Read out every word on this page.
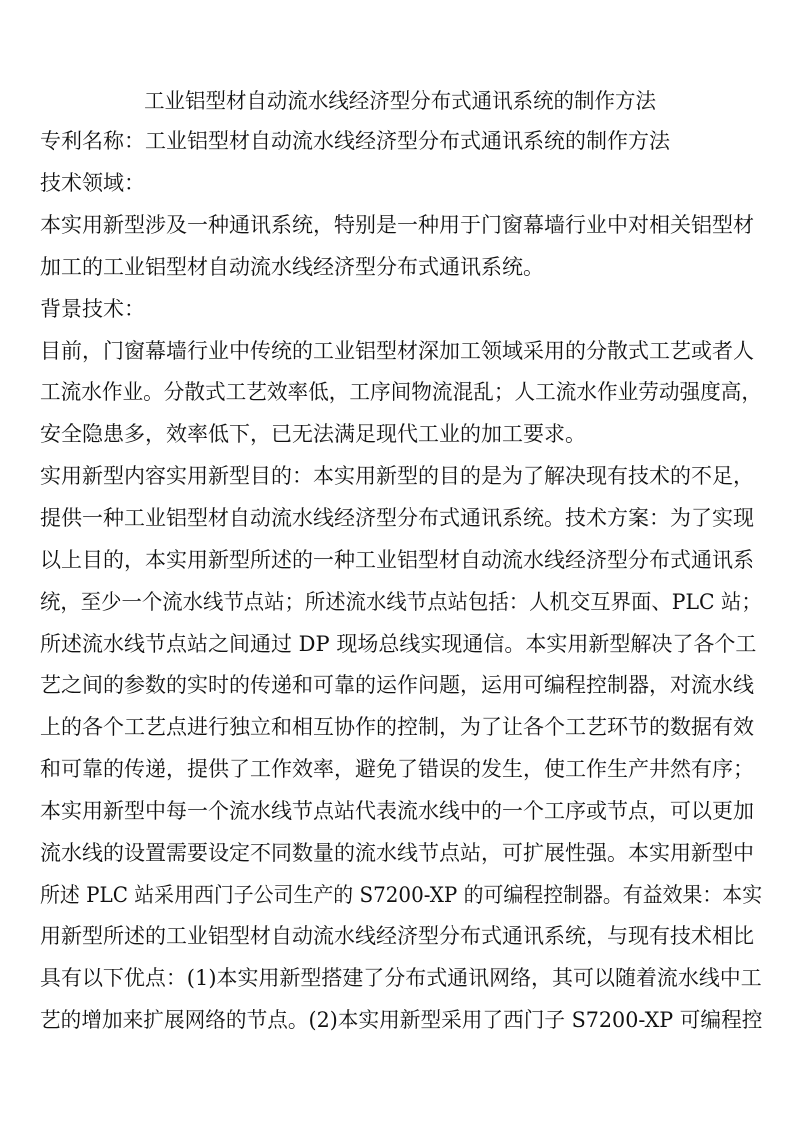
工业铝型材自动流水线经济型分布式通讯系统的制作方法
专利名称：工业铝型材自动流水线经济型分布式通讯系统的制作方法
技术领域：
本实用新型涉及一种通讯系统，特别是一种用于门窗幕墙行业中对相关铝型材
加工的工业铝型材自动流水线经济型分布式通讯系统。
背景技术：
目前，门窗幕墙行业中传统的工业铝型材深加工领域采用的分散式工艺或者人
工流水作业。分散式工艺效率低，工序间物流混乱；人工流水作业劳动强度高，
安全隐患多，效率低下，已无法满足现代工业的加工要求。
实用新型内容实用新型目的：本实用新型的目的是为了解决现有技术的不足，
提供一种工业铝型材自动流水线经济型分布式通讯系统。技术方案：为了实现
以上目的，本实用新型所述的一种工业铝型材自动流水线经济型分布式通讯系
统，至少一个流水线节点站；所述流水线节点站包括：人机交互界面、PLC 站；
所述流水线节点站之间通过 DP 现场总线实现通信。本实用新型解决了各个工
艺之间的参数的实时的传递和可靠的运作问题，运用可编程控制器，对流水线
上的各个工艺点进行独立和相互协作的控制，为了让各个工艺环节的数据有效
和可靠的传递，提供了工作效率，避免了错误的发生，使工作生产井然有序；
本实用新型中每一个流水线节点站代表流水线中的一个工序或节点，可以更加
流水线的设置需要设定不同数量的流水线节点站，可扩展性强。本实用新型中
所述 PLC 站采用西门子公司生产的 S7200-XP 的可编程控制器。有益效果：本实
用新型所述的工业铝型材自动流水线经济型分布式通讯系统，与现有技术相比
具有以下优点：(1)本实用新型搭建了分布式通讯网络，其可以随着流水线中工
艺的增加来扩展网络的节点。(2)本实用新型采用了西门子 S7200-XP 可编程控
